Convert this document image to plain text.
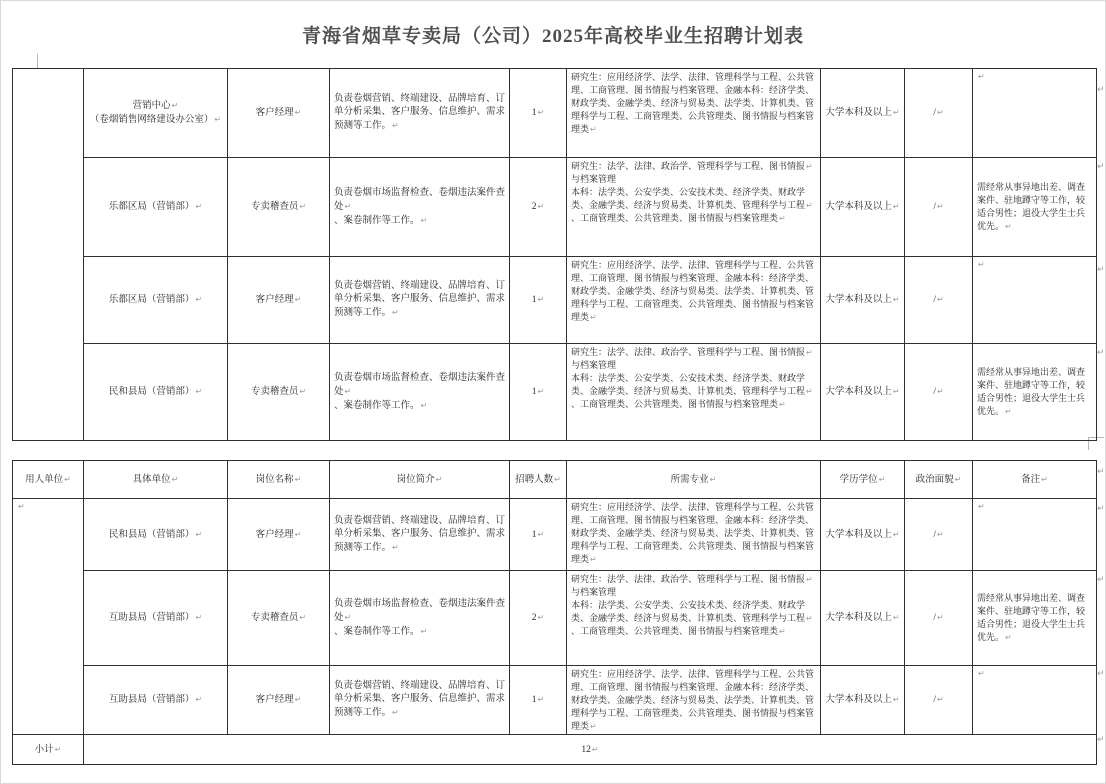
青海省烟草专卖局（公司）2025年高校毕业生招聘计划表
	营销中心↵
（卷烟销售网络建设办公室）↵	客户经理↵	负责卷烟营销、终端建设、品牌培育、订单分析采集、客户服务、信息维护、需求预测等工作。↵	1↵	研究生：应用经济学、法学、法律、管理科学与工程、公共管理、工商管理、图书情报与档案管理、金融本科：经济学类、财政学类、金融学类、经济与贸易类、法学类、计算机类、管理科学与工程、工商管理类、公共管理类、图书情报与档案管理类↵	大学本科及以上↵	/↵	↵
	乐都区局（营销部）↵	专卖稽查员↵	负责卷烟市场监督检查、卷烟违法案件查处↵
、案卷制作等工作。↵	2↵	研究生：法学、法律、政治学、管理科学与工程、图书情报↵
与档案管理
本科：法学类、公安学类、公安技术类、经济学类、财政学类、金融学类、经济与贸易类、计算机类、管理科学与工程↵
、工商管理类、公共管理类、图书情报与档案管理类↵	大学本科及以上↵	/↵	需经常从事异地出差、调查案件、驻地蹲守等工作，较适合男性；退役大学生士兵优先。↵
	乐都区局（营销部）↵	客户经理↵	负责卷烟营销、终端建设、品牌培育、订单分析采集、客户服务、信息维护、需求预测等工作。↵	1↵	研究生：应用经济学、法学、法律、管理科学与工程、公共管理、工商管理、图书情报与档案管理、金融本科：经济学类、财政学类、金融学类、经济与贸易类、法学类、计算机类、管理科学与工程、工商管理类、公共管理类、图书情报与档案管理类↵	大学本科及以上↵	/↵	↵
	民和县局（营销部）↵	专卖稽查员↵	负责卷烟市场监督检查、卷烟违法案件查处↵
、案卷制作等工作。↵	1↵	研究生：法学、法律、政治学、管理科学与工程、图书情报↵
与档案管理
本科：法学类、公安学类、公安技术类、经济学类、财政学类、金融学类、经济与贸易类、计算机类、管理科学与工程↵
、工商管理类、公共管理类、图书情报与档案管理类↵	大学本科及以上↵	/↵	需经常从事异地出差、调查案件、驻地蹲守等工作，较适合男性；退役大学生士兵优先。↵
用人单位↵	具体单位↵	岗位名称↵	岗位简介↵	招聘人数↵	所需专业↵	学历学位↵	政治面貌↵	备注↵
↵	民和县局（营销部）↵	客户经理↵	负责卷烟营销、终端建设、品牌培育、订单分析采集、客户服务、信息维护、需求预测等工作。↵	1↵	研究生：应用经济学、法学、法律、管理科学与工程、公共管理、工商管理、图书情报与档案管理、金融本科：经济学类、财政学类、金融学类、经济与贸易类、法学类、计算机类、管理科学与工程、工商管理类、公共管理类、图书情报与档案管理类↵	大学本科及以上↵	/↵	↵
	互助县局（营销部）↵	专卖稽查员↵	负责卷烟市场监督检查、卷烟违法案件查处↵
、案卷制作等工作。↵	2↵	研究生：法学、法律、政治学、管理科学与工程、图书情报↵
与档案管理
本科：法学类、公安学类、公安技术类、经济学类、财政学类、金融学类、经济与贸易类、计算机类、管理科学与工程↵
、工商管理类、公共管理类、图书情报与档案管理类↵	大学本科及以上↵	/↵	需经常从事异地出差、调查案件、驻地蹲守等工作，较适合男性；退役大学生士兵优先。↵
	互助县局（营销部）↵	客户经理↵	负责卷烟营销、终端建设、品牌培育、订单分析采集、客户服务、信息维护、需求预测等工作。↵	1↵	研究生：应用经济学、法学、法律、管理科学与工程、公共管理、工商管理、图书情报与档案管理、金融本科：经济学类、财政学类、金融学类、经济与贸易类、法学类、计算机类、管理科学与工程、工商管理类、公共管理类、图书情报与档案管理类↵	大学本科及以上↵	/↵	↵
小计↵	12↵							
↵
↵
↵
↵
↵
↵
↵
↵
↵
